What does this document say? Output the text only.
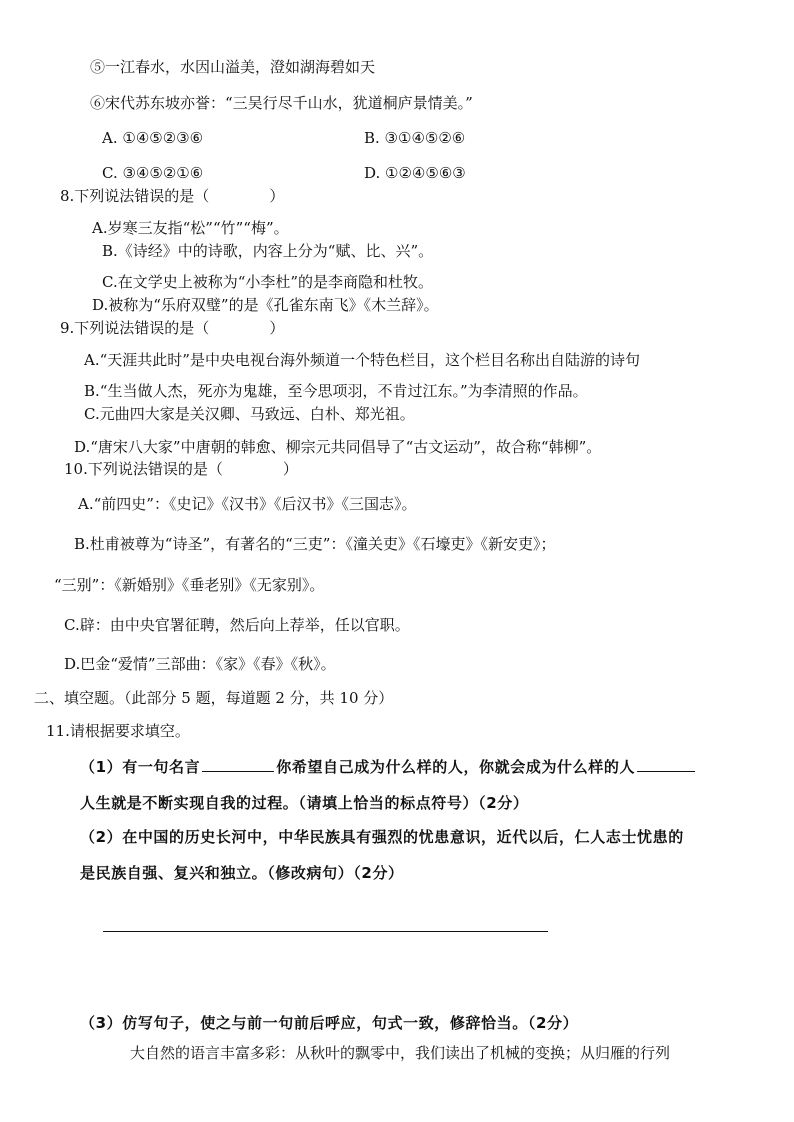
⑤一江春水，水因山溢美，澄如湖海碧如天
⑥宋代苏东坡亦誉：“三吴行尽千山水，犹道桐庐景情美。”
A. ①④⑤②③⑥	B. ③①④⑤②⑥
C. ③④⑤②①⑥	D. ①②④⑤⑥③
8.下列说法错误的是（　　　　）
A.岁寒三友指“松”“竹”“梅”。
B.《诗经》中的诗歌，内容上分为“赋、比、兴”。
C.在文学史上被称为“小李杜”的是李商隐和杜牧。
D.被称为“乐府双璧”的是《孔雀东南飞》《木兰辞》。
9.下列说法错误的是（　　　　）
A.“天涯共此时”是中央电视台海外频道一个特色栏目，这个栏目名称出自陆游的诗句
B.“生当做人杰，死亦为鬼雄，至今思项羽，不肯过江东。”为李清照的作品。
C.元曲四大家是关汉卿、马致远、白朴、郑光祖。
D.“唐宋八大家”中唐朝的韩愈、柳宗元共同倡导了“古文运动”，故合称“韩柳”。
10.下列说法错误的是（　　　　）
A.“前四史”：《史记》《汉书》《后汉书》《三国志》。
B.杜甫被尊为“诗圣”，有著名的“三吏”：《潼关吏》《石壕吏》《新安吏》；
“三别”：《新婚别》《垂老别》《无家别》。
C.辟：由中央官署征聘，然后向上荐举，任以官职。
D.巴金“爱情”三部曲：《家》《春》《秋》。
二、填空题。（此部分 5 题，每道题 2 分，共 10 分）
11.请根据要求填空。
（1）有一句名言	你希望自己成为什么样的人，你就会成为什么样的人
人生就是不断实现自我的过程。（请填上恰当的标点符号）（2分）
（2）在中国的历史长河中，中华民族具有强烈的忧患意识，近代以后，仁人志士忧患的
是民族自强、复兴和独立。（修改病句）（2分）
（3）仿写句子，使之与前一句前后呼应，句式一致，修辞恰当。（2分）
大自然的语言丰富多彩：从秋叶的飘零中，我们读出了机械的变换；从归雁的行列
